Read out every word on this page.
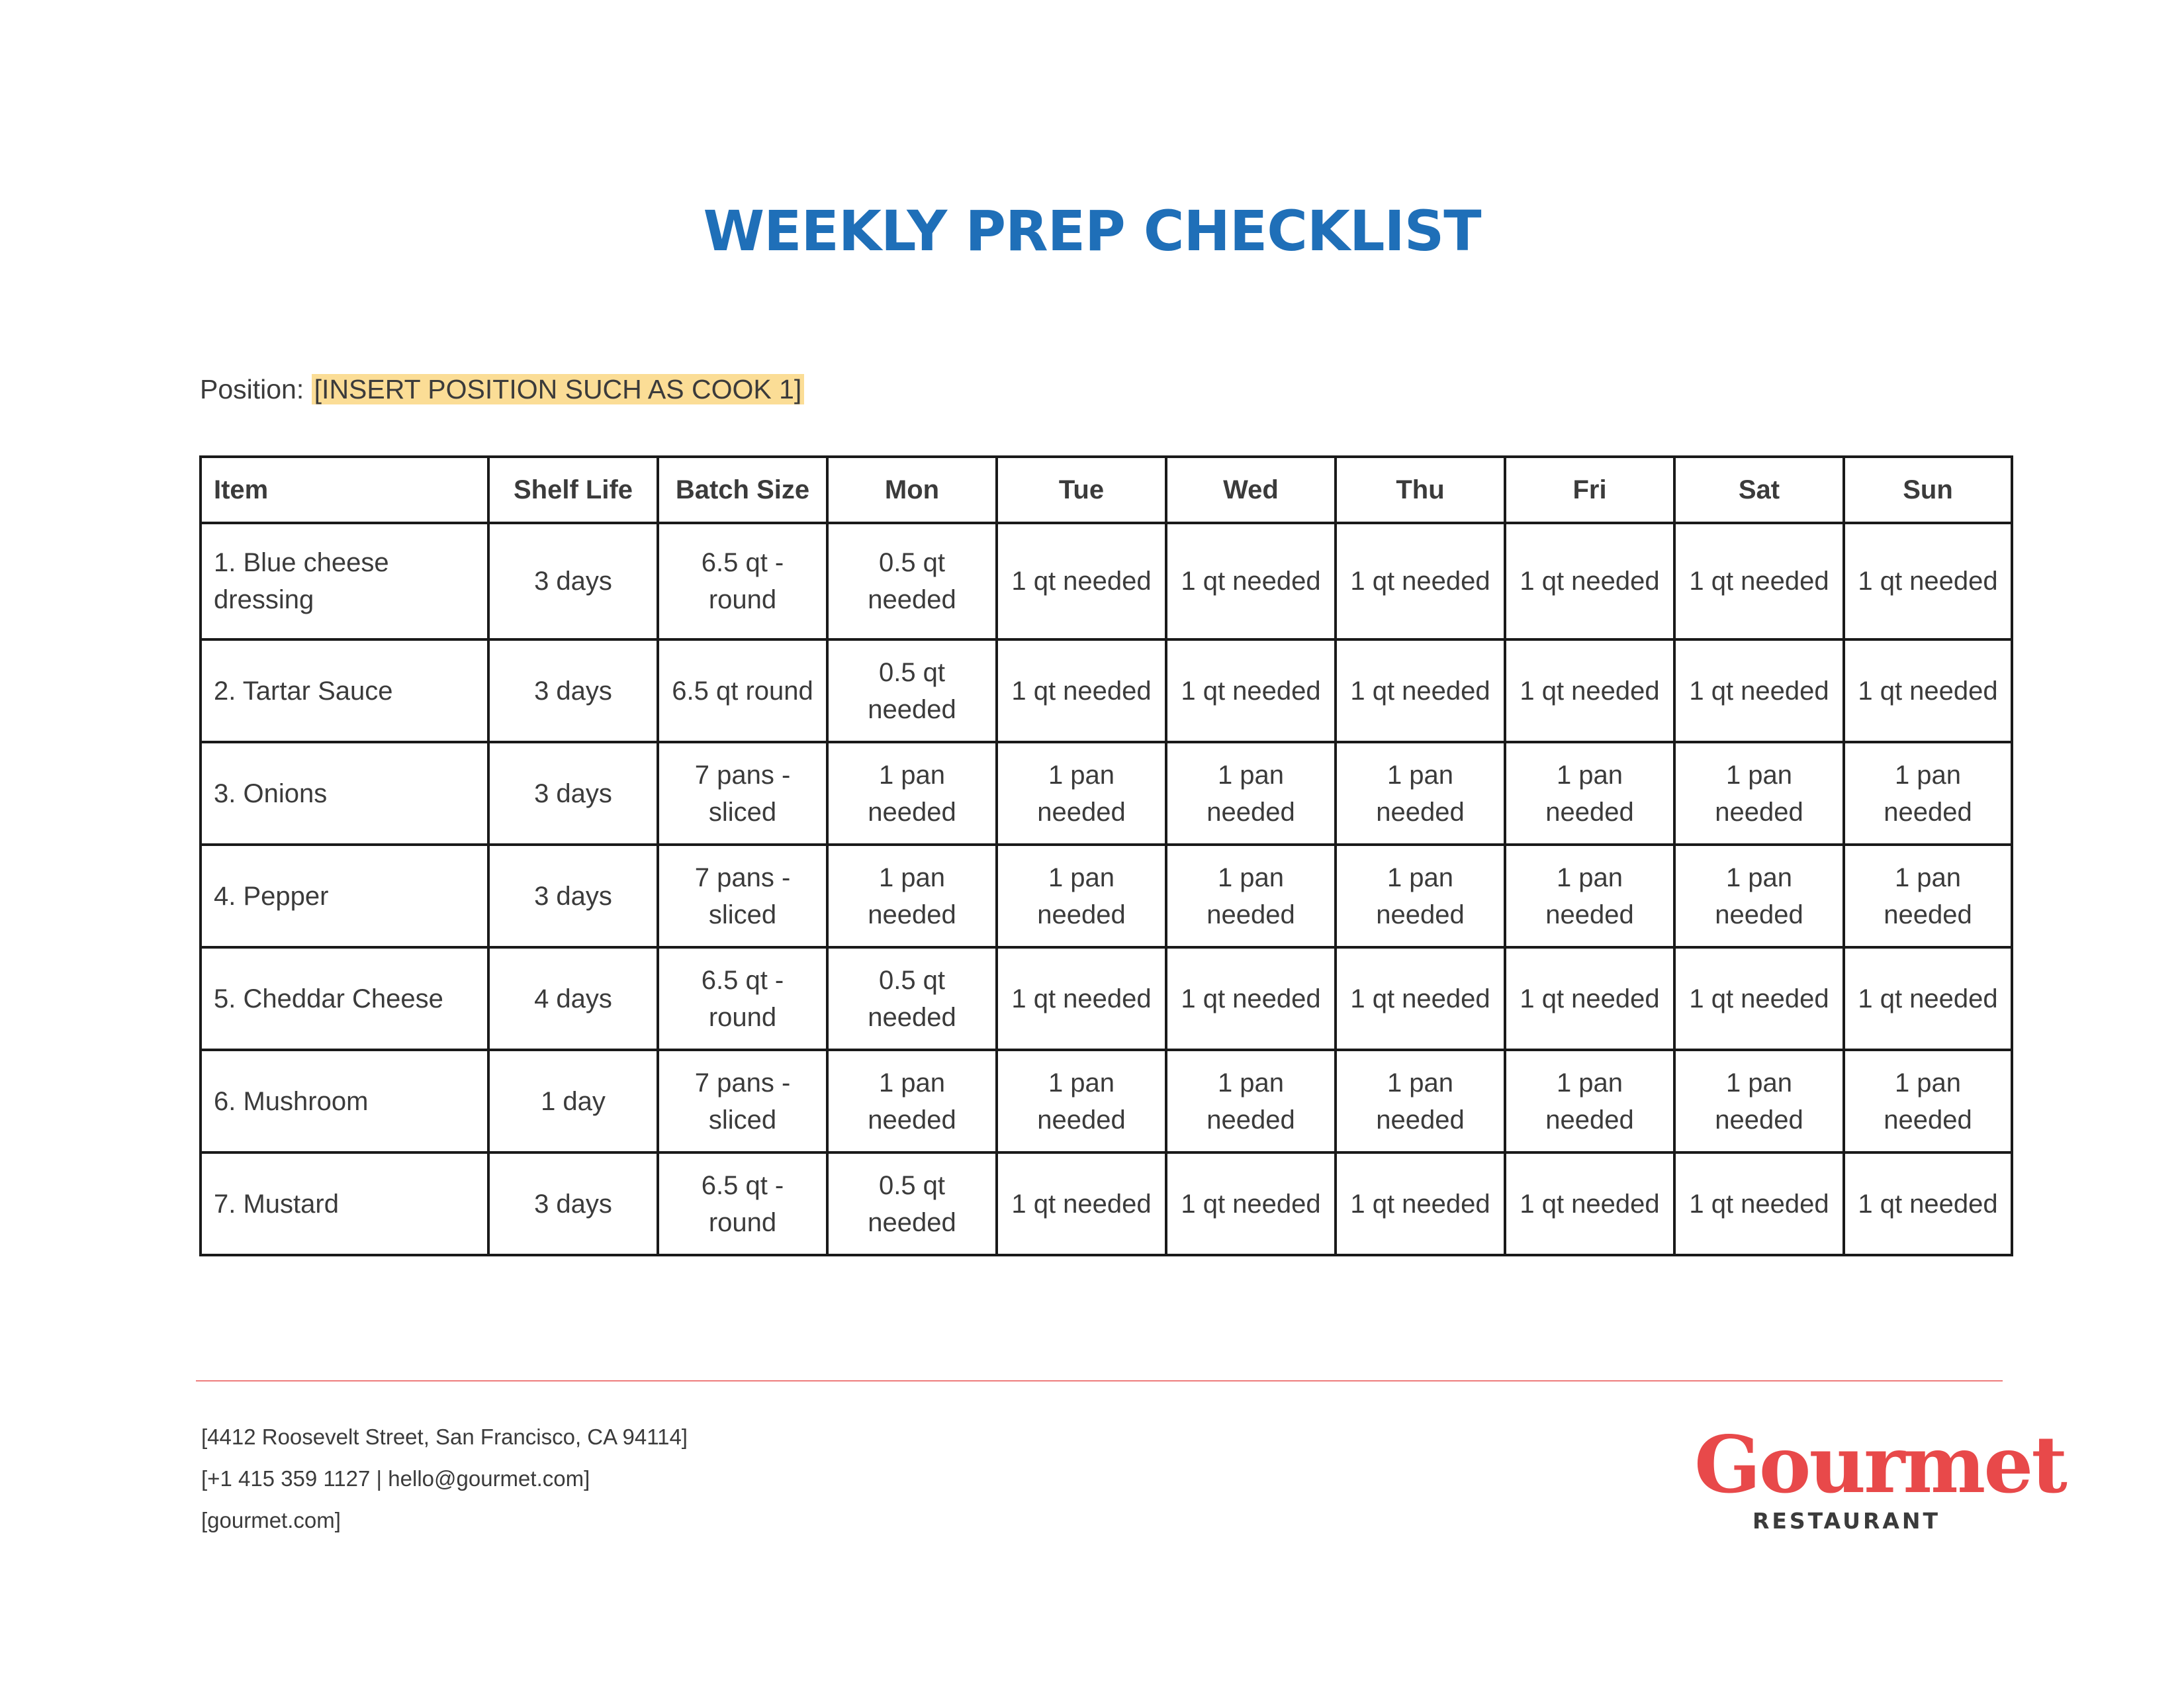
WEEKLY PREP CHECKLIST
Position: [INSERT POSITION SUCH AS COOK 1]
Item	Shelf Life	Batch Size	Mon	Tue	Wed	Thu	Fri	Sat	Sun
1. Blue cheese dressing	3 days	6.5 qt - round	0.5 qt needed	1 qt needed	1 qt needed	1 qt needed	1 qt needed	1 qt needed	1 qt needed
2. Tartar Sauce	3 days	6.5 qt round	0.5 qt needed	1 qt needed	1 qt needed	1 qt needed	1 qt needed	1 qt needed	1 qt needed
3. Onions	3 days	7 pans - sliced	1 pan needed	1 pan needed	1 pan needed	1 pan needed	1 pan needed	1 pan needed	1 pan needed
4. Pepper	3 days	7 pans - sliced	1 pan needed	1 pan needed	1 pan needed	1 pan needed	1 pan needed	1 pan needed	1 pan needed
5. Cheddar Cheese	4 days	6.5 qt - round	0.5 qt needed	1 qt needed	1 qt needed	1 qt needed	1 qt needed	1 qt needed	1 qt needed
6. Mushroom	1 day	7 pans - sliced	1 pan needed	1 pan needed	1 pan needed	1 pan needed	1 pan needed	1 pan needed	1 pan needed
7. Mustard	3 days	6.5 qt - round	0.5 qt needed	1 qt needed	1 qt needed	1 qt needed	1 qt needed	1 qt needed	1 qt needed
[4412 Roosevelt Street, San Francisco, CA 94114]
[+1 415 359 1127 | hello@gourmet.com]
[gourmet.com]
Gourmet
RESTAURANT
